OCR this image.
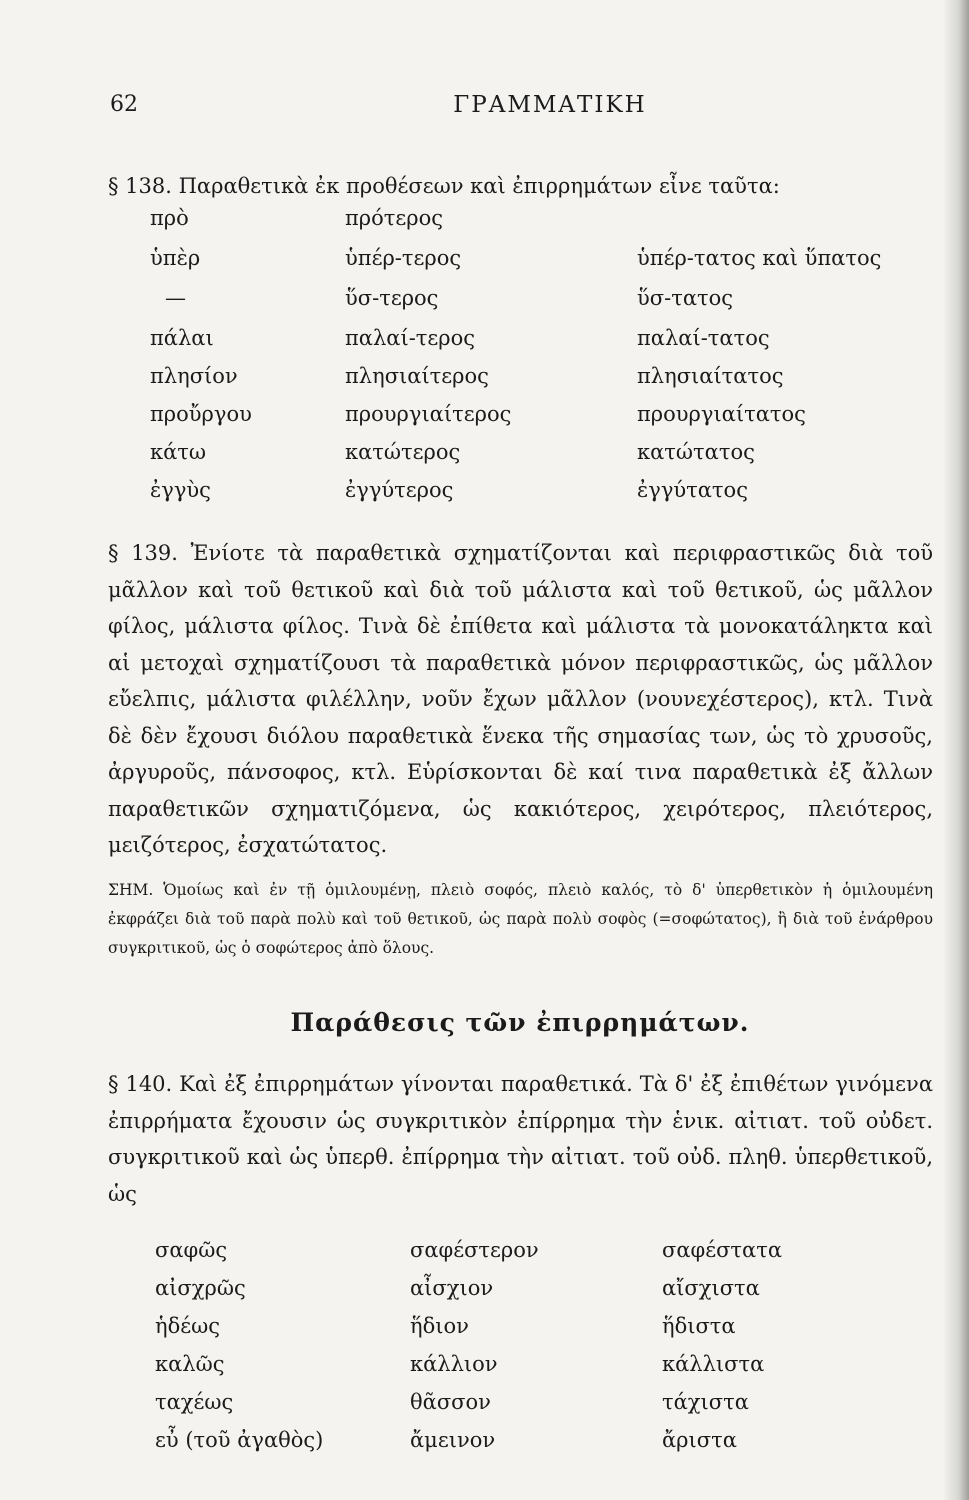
62	ΓΡΑΜΜΑΤΙΚΗ
§ 138. Παραθετικὰ ἐκ προθέσεων καὶ ἐπιρρημάτων εἶνε ταῦτα:
πρὸ	πρότερος
ὑπὲρ	ὑπέρ-τερος	ὑπέρ-τατος καὶ ὕπατος
—	ὕσ-τερος	ὕσ-τατος
πάλαι	παλαί-τερος	παλαί-τατος
πλησίον	πλησιαίτερος	πλησιαίτατος
προὔργου	προυργιαίτερος	προυργιαίτατος
κάτω	κατώτερος	κατώτατος
ἐγγὺς	ἐγγύτερος	ἐγγύτατος
§ 139. Ἐνίοτε τὰ παραθετικὰ σχηματίζονται καὶ περιφραστικῶς διὰ τοῦ μᾶλλον καὶ τοῦ θετικοῦ καὶ διὰ τοῦ μάλιστα καὶ τοῦ θετικοῦ, ὡς μᾶλλον φίλος, μάλιστα φίλος. Τινὰ δὲ ἐπίθετα καὶ μάλιστα τὰ μονοκατάληκτα καὶ αἱ μετοχαὶ σχηματίζουσι τὰ παραθετικὰ μόνον περιφραστικῶς, ὡς μᾶλλον εὔελπις, μάλιστα φιλέλλην, νοῦν ἔχων μᾶλλον (νουνεχέστερος), κτλ. Τινὰ δὲ δὲν ἔχουσι διόλου παραθετικὰ ἕνεκα τῆς σημασίας των, ὡς τὸ χρυσοῦς, ἀργυροῦς, πάνσοφος, κτλ. Εὑρίσκονται δὲ καί τινα παραθετικὰ ἐξ ἄλλων παραθετικῶν σχηματιζόμενα, ὡς κακιότερος, χειρότερος, πλειότερος, μειζότερος, ἐσχατώτατος.
ΣΗΜ. Ὁμοίως καὶ ἐν τῇ ὁμιλουμένῃ, πλειὸ σοφός, πλειὸ καλός, τὸ δ' ὑπερθετικὸν ἡ ὁμιλουμένη ἐκφράζει διὰ τοῦ παρὰ πολὺ καὶ τοῦ θετικοῦ, ὡς παρὰ πολὺ σοφὸς (=σοφώτατος), ἢ διὰ τοῦ ἐνάρθρου συγκριτικοῦ, ὡς ὁ σοφώτερος ἀπὸ ὅλους.
Παράθεσις τῶν ἐπιρρημάτων.
§ 140. Καὶ ἐξ ἐπιρρημάτων γίνονται παραθετικά. Τὰ δ' ἐξ ἐπιθέτων γινόμενα ἐπιρρήματα ἔχουσιν ὡς συγκριτικὸν ἐπίρρημα τὴν ἑνικ. αἰτιατ. τοῦ οὐδετ. συγκριτικοῦ καὶ ὡς ὑπερθ. ἐπίρρημα τὴν αἰτιατ. τοῦ οὐδ. πληθ. ὑπερθετικοῦ, ὡς
σαφῶς	σαφέστερον	σαφέστατα
αἰσχρῶς	αἶσχιον	αἴσχιστα
ἡδέως	ἥδιον	ἥδιστα
καλῶς	κάλλιον	κάλλιστα
ταχέως	θᾶσσον	τάχιστα
εὖ (τοῦ ἀγαθὸς)	ἄμεινον	ἄριστα
